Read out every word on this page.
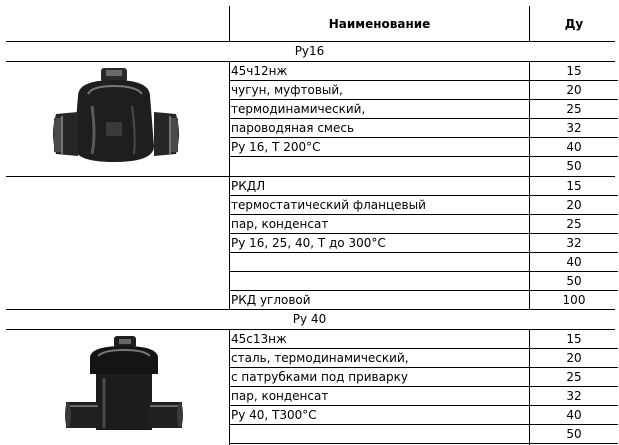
Наименование	Ду
Ру16
Ру 40
45ч12нж
чугун, муфтовый,
термодинамический,
пароводяная смесь
Ру 16, Т 200°С
15
20
25
32
40
50
РКДЛ
термостатический фланцевый
пар, конденсат
Ру 16, 25, 40, Т до 300°С
РКД угловой
15
20
25
32
40
50
100
45с13нж
сталь, термодинамический,
с патрубками под приварку
пар, конденсат
Ру 40, Т300°С
15
20
25
32
40
50
